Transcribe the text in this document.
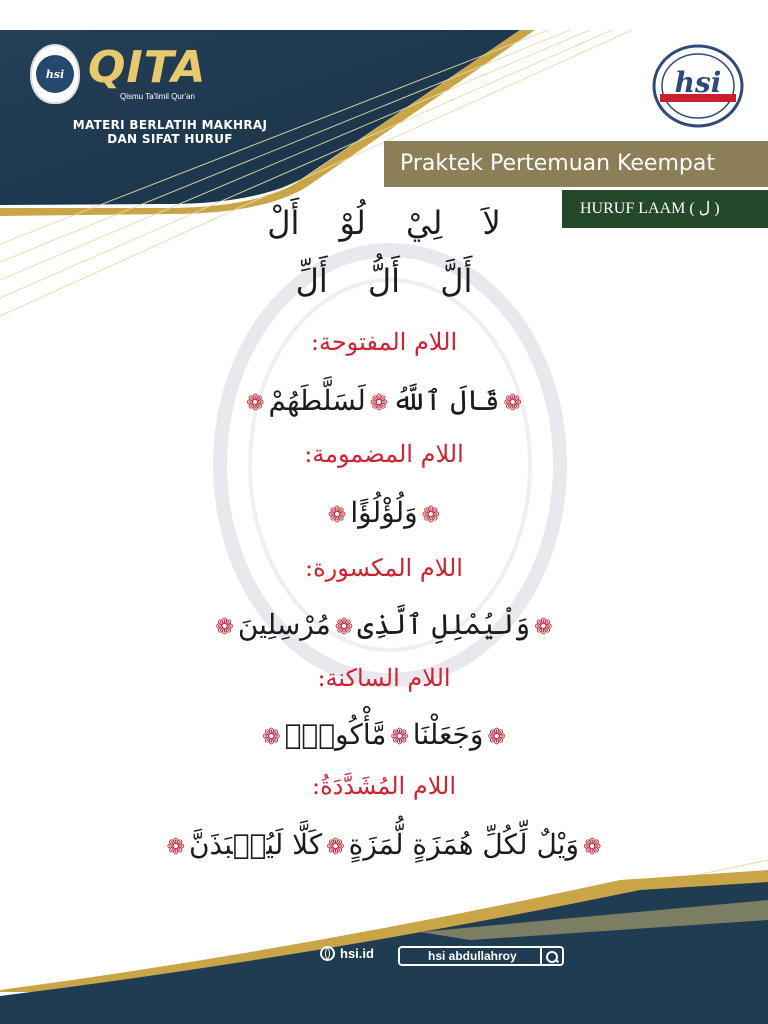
hsi QITA
Qismu Ta'limil Qur'an
MATERI BERLATIH MAKHRAJ
DAN SIFAT HURUF
hsi
Praktek Pertemuan Keempat
HURUF LAAM ( ل )
لاَ لِيْ لُوْ أَلْ
أَلَّ أَلُّ أَلِّ
اللام المفتوحة:
❁قَالَ ٱللَّهُ❁لَسَلَّطَهُمْ❁
اللام المضمومة:
❁وَلُؤْلُؤًا❁
اللام المكسورة:
❁وَلْيُمْلِلِ ٱلَّذِى❁مُرْسِلِينَ❁
اللام الساكنة:
❁وَجَعَلْنَا❁مَّأْكُولِۭ❁
اللام المُشَدَّدَةُ:
❁وَيْلٌ لِّكُلِّ هُمَزَةٍ لُّمَزَةٍ❁كَلَّا لَيُنۢبَذَنَّ❁
hsi.id	hsi abdullahroy
